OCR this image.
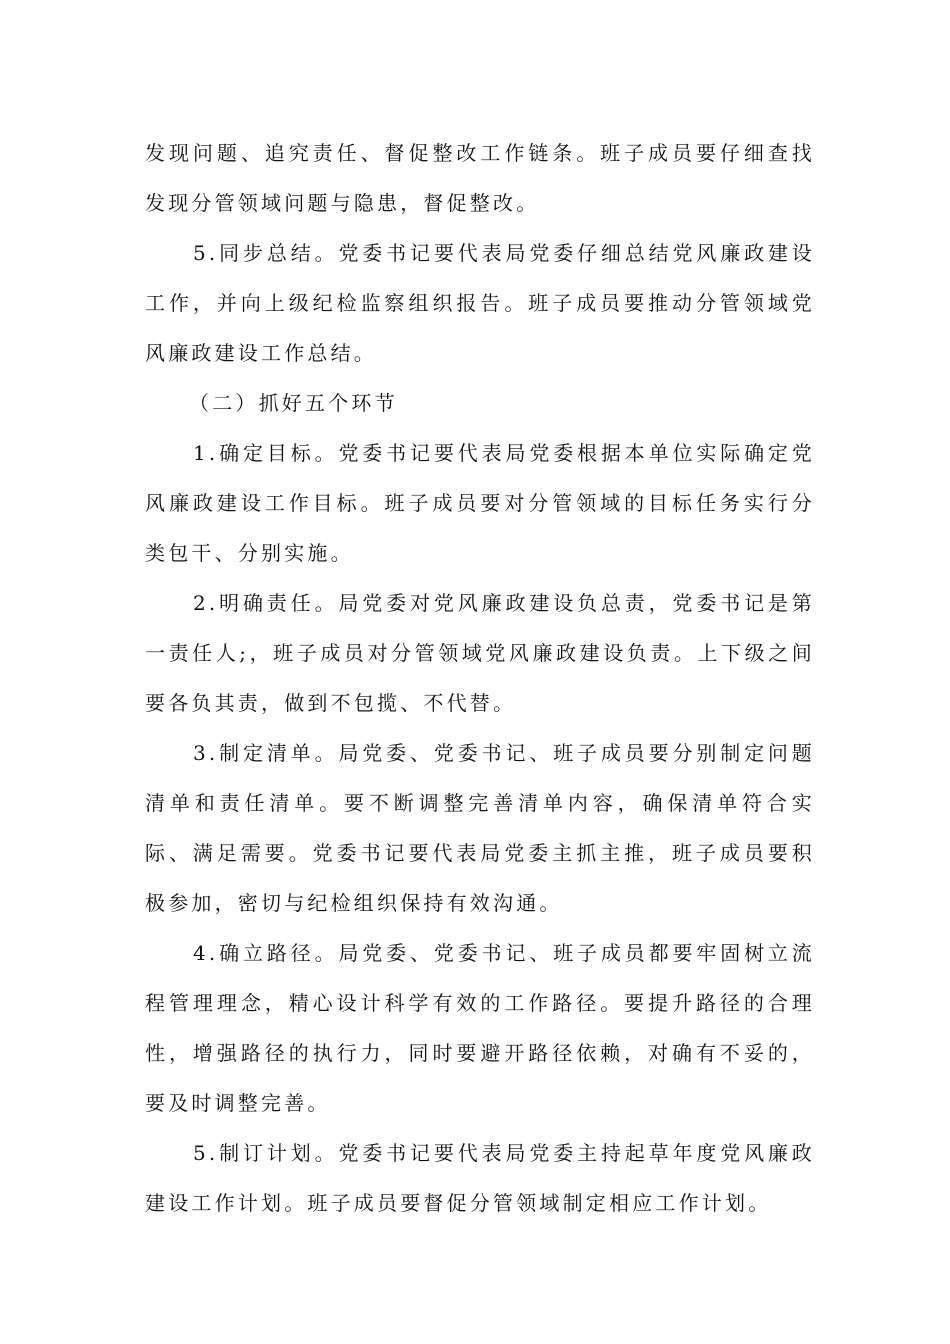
发现问题、追究责任、督促整改工作链条。班子成员要仔细查找发现分管领域问题与隐患，督促整改。

5.同步总结。党委书记要代表局党委仔细总结党风廉政建设工作，并向上级纪检监察组织报告。班子成员要推动分管领域党风廉政建设工作总结。

（二）抓好五个环节

1.确定目标。党委书记要代表局党委根据本单位实际确定党风廉政建设工作目标。班子成员要对分管领域的目标任务实行分类包干、分别实施。

2.明确责任。局党委对党风廉政建设负总责，党委书记是第一责任人;，班子成员对分管领域党风廉政建设负责。上下级之间要各负其责，做到不包揽、不代替。

3.制定清单。局党委、党委书记、班子成员要分别制定问题清单和责任清单。要不断调整完善清单内容，确保清单符合实际、满足需要。党委书记要代表局党委主抓主推，班子成员要积极参加，密切与纪检组织保持有效沟通。

4.确立路径。局党委、党委书记、班子成员都要牢固树立流程管理理念，精心设计科学有效的工作路径。要提升路径的合理性，增强路径的执行力，同时要避开路径依赖，对确有不妥的，要及时调整完善。

5.制订计划。党委书记要代表局党委主持起草年度党风廉政建设工作计划。班子成员要督促分管领域制定相应工作计划。
